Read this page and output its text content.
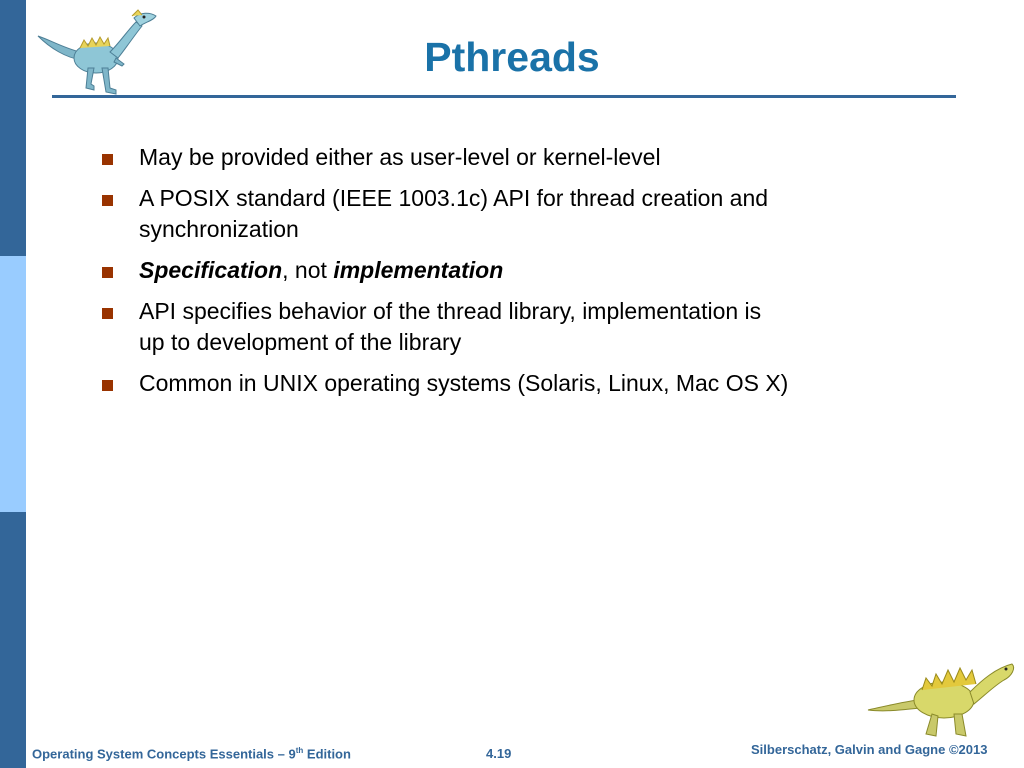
Pthreads
May be provided either as user-level or kernel-level
A POSIX standard (IEEE 1003.1c) API for thread creation and
synchronization
Specification, not implementation
API specifies behavior of the thread library, implementation is
up to development of the library
Common in UNIX operating systems (Solaris, Linux, Mac OS X)
Operating System Concepts Essentials – 9th Edition	4.19	Silberschatz, Galvin and Gagne ©2013
